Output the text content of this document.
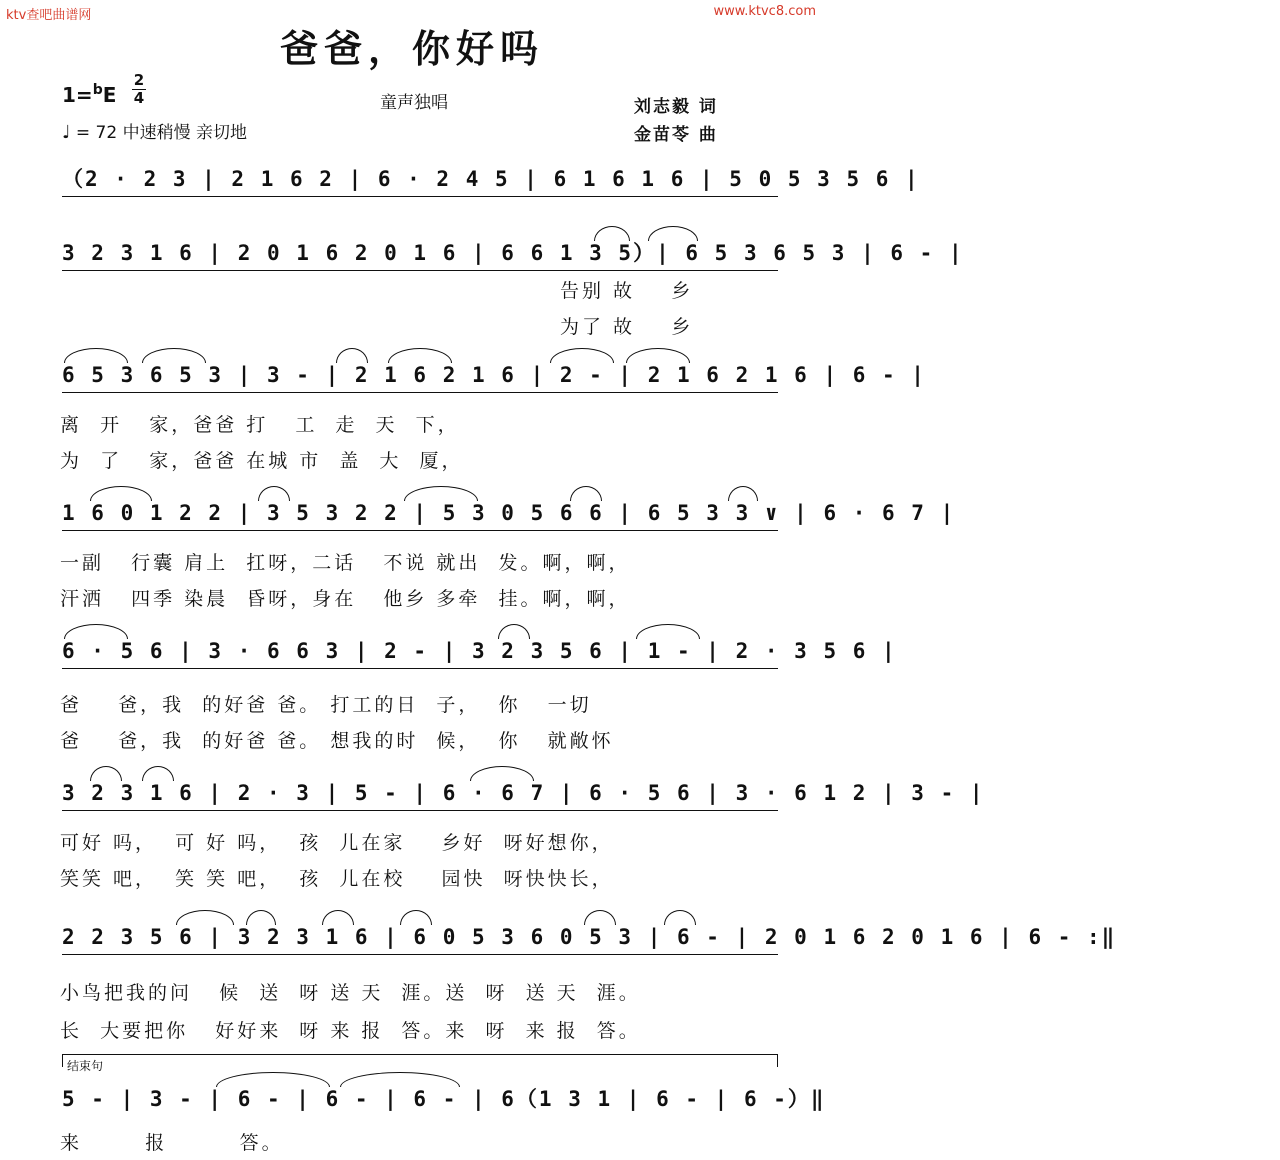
ktv查吧曲谱网	www.ktvc8.com
爸爸，你好吗
1=$^b$E
2
4
♩ = 72 中速稍慢 亲切地
童声独唱	刘志毅 词
金苗苓 曲
（2 · 2 3 | 2 1 6 2 | 6 · 2 4 5 | 6 1 6 1 6 | 5 0 5 3 5 6 |
3 2 3 1 6 | 2 0 1 6 2 0 1 6 | 6 6 1 3 5）| 6 5 3 6 5 3 | 6 - |
告别 故    乡
为了 故    乡
6 5 3 6 5 3 | 3 - | 2 1 6 2 1 6 | 2 - | 2 1 6 2 1 6 | 6 - |
离  开   家，爸爸 打   工  走  天  下，
为  了   家，爸爸 在城 市  盖  大  厦，
1 6 0 1 2 2 | 3 5 3 2 2 | 5 3 0 5 6 6 | 6 5 3 3 ∨ | 6 · 6 7 |
一副   行囊 肩上  扛呀，二话   不说 就出  发。啊，啊，
汗洒   四季 染晨  昏呀，身在   他乡 多牵  挂。啊，啊，
6 · 5 6 | 3 · 6 6 3 | 2 - | 3 2 3 5 6 | 1 - | 2 · 3 5 6 |
爸    爸，我  的好爸 爸。 打工的日  子，  你   一切
爸    爸，我  的好爸 爸。 想我的时  候，  你   就敞怀
3 2 3 1 6 | 2 · 3 | 5 - | 6 · 6 7 | 6 · 5 6 | 3 · 6 1 2 | 3 - |
可好 吗，  可 好 吗，  孩  儿在家    乡好  呀好想你，
笑笑 吧，  笑 笑 吧，  孩  儿在校    园快  呀快快长，
2 2 3 5 6 | 3 2 3 1 6 | 6 0 5 3 6 0 5 3 | 6 - | 2 0 1 6 2 0 1 6 | 6 - :‖
小鸟把我的问   候  送  呀 送 天  涯。送  呀  送 天  涯。
长  大要把你   好好来  呀 来 报  答。来  呀  来 报  答。
结束句
5 - | 3 - | 6 - | 6 - | 6 - | 6（1 3 1 | 6 - | 6 -）‖
来       报        答。
